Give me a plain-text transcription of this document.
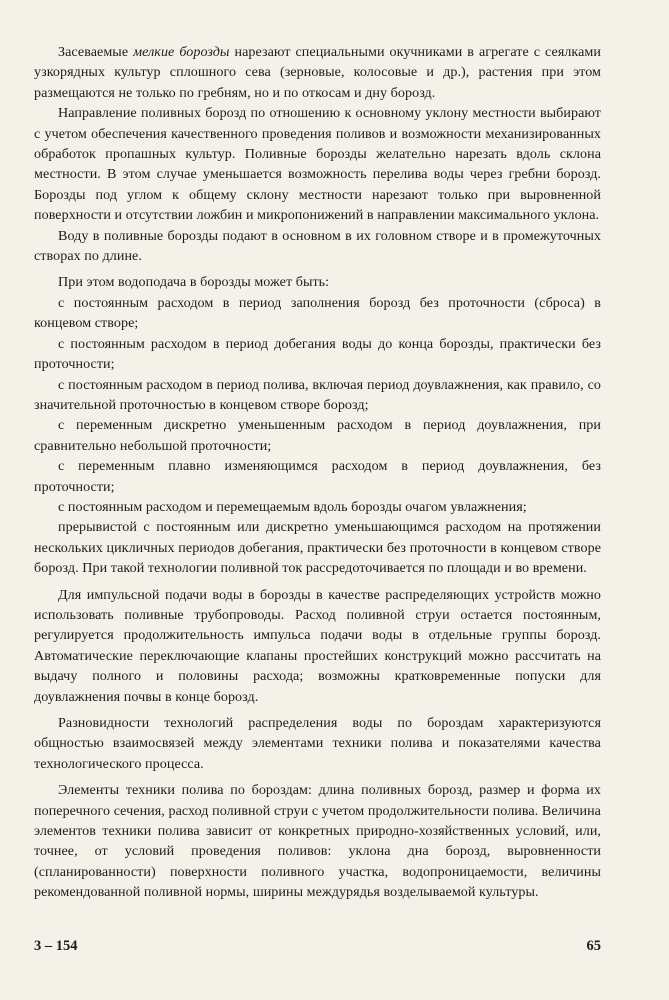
Засеваемые мелкие борозды нарезают специальными окучниками в агрегате с сеялками узкорядных культур сплошного сева (зерновые, колосовые и др.), растения при этом размещаются не только по гребням, но и по откосам и дну борозд.

Направление поливных борозд по отношению к основному уклону местности выбирают с учетом обеспечения качественного проведения поливов и возможности механизированных обработок пропашных культур. Поливные борозды желательно нарезать вдоль склона местности. В этом случае уменьшается возможность перелива воды через гребни борозд. Борозды под углом к общему склону местности нарезают только при выровненной поверхности и отсутствии ложбин и микропонижений в направлении максимального уклона.

Воду в поливные борозды подают в основном в их головном створе и в промежуточных створах по длине.

При этом водоподача в борозды может быть:

с постоянным расходом в период заполнения борозд без проточности (сброса) в концевом створе;

с постоянным расходом в период добегания воды до конца борозды, практически без проточности;

с постоянным расходом в период полива, включая период доувлажнения, как правило, со значительной проточностью в концевом створе борозд;

с переменным дискретно уменьшенным расходом в период доувлажнения, при сравнительно небольшой проточности;

с переменным плавно изменяющимся расходом в период доувлажнения, без проточности;

с постоянным расходом и перемещаемым вдоль борозды очагом увлажнения;

прерывистой с постоянным или дискретно уменьшающимся расходом на протяжении нескольких цикличных периодов добегания, практически без проточности в концевом створе борозд. При такой технологии поливной ток рассредоточивается по площади и во времени.

Для импульсной подачи воды в борозды в качестве распределяющих устройств можно использовать поливные трубопроводы. Расход поливной струи остается постоянным, регулируется продолжительность импульса подачи воды в отдельные группы борозд. Автоматические переключающие клапаны простейших конструкций можно рассчитать на выдачу полного и половины расхода; возможны кратковременные попуски для доувлажнения почвы в конце борозд.

Разновидности технологий распределения воды по бороздам характеризуются общностью взаимосвязей между элементами техники полива и показателями качества технологического процесса.

Элементы техники полива по бороздам: длина поливных борозд, размер и форма их поперечного сечения, расход поливной струи с учетом продолжительности полива. Величина элементов техники полива зависит от конкретных природно-хозяйственных условий, или, точнее, от условий проведения поливов: уклона дна борозд, выровненности (спланированности) поверхности поливного участка, водопроницаемости, величины рекомендованной поливной нормы, ширины междурядья возделываемой культуры.

3 – 154	65
